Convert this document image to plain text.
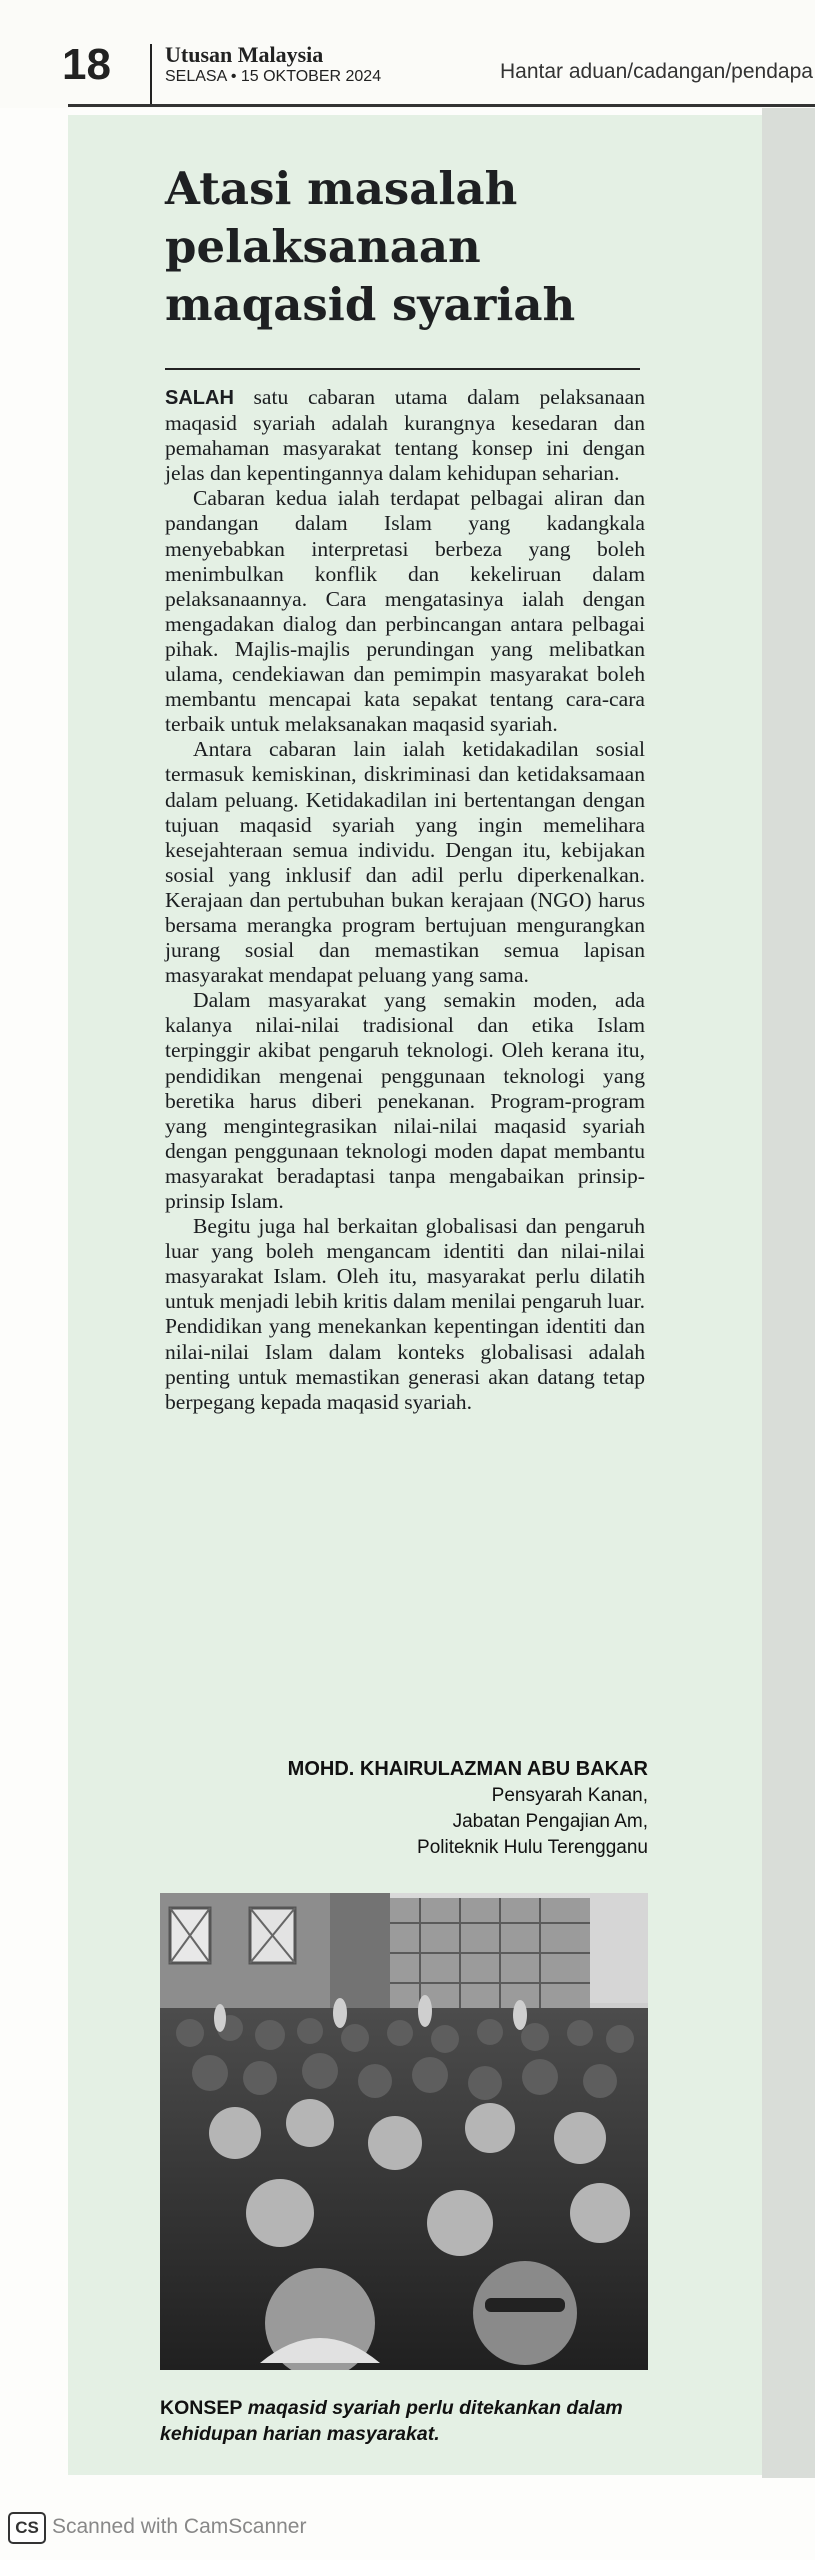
18 Utusan Malaysia
SELASA • 15 OKTOBER 2024	Hantar aduan/cadangan/pendapa
Atasi masalah
pelaksanaan
maqasid syariah

SALAH satu cabaran utama dalam pelaksanaan maqasid syariah adalah kurangnya kesedaran dan pemahaman masyarakat tentang konsep ini dengan jelas dan kepentingannya dalam kehidupan seharian.

Cabaran kedua ialah terdapat pelbagai aliran dan pandangan dalam Islam yang kadangkala menyebabkan interpretasi berbeza yang boleh menimbulkan konflik dan kekeliruan dalam pelaksanaannya. Cara mengatasinya ialah dengan mengadakan dialog dan perbincangan antara pelbagai pihak. Majlis-majlis perundingan yang melibatkan ulama, cendekiawan dan pemimpin masyarakat boleh membantu mencapai kata sepakat tentang cara-cara terbaik untuk melaksanakan maqasid syariah.

Antara cabaran lain ialah ketidakadilan sosial termasuk kemiskinan, diskriminasi dan ketidaksamaan dalam peluang. Ketidakadilan ini bertentangan dengan tujuan maqasid syariah yang ingin memelihara kesejahteraan semua individu. Dengan itu, kebijakan sosial yang inklusif dan adil perlu diperkenalkan. Kerajaan dan pertubuhan bukan kerajaan (NGO) harus bersama merangka program bertujuan mengurangkan jurang sosial dan memastikan semua lapisan masyarakat mendapat peluang yang sama.

Dalam masyarakat yang semakin moden, ada kalanya nilai-nilai tradisional dan etika Islam terpinggir akibat pengaruh teknologi. Oleh kerana itu, pendidikan mengenai penggunaan teknologi yang beretika harus diberi penekanan. Program-program yang mengintegrasikan nilai-nilai maqasid syariah dengan penggunaan teknologi moden dapat membantu masyarakat beradaptasi tanpa mengabaikan prinsip-prinsip Islam.

Begitu juga hal berkaitan globalisasi dan pengaruh luar yang boleh mengancam identiti dan nilai-nilai masyarakat Islam. Oleh itu, masyarakat perlu dilatih untuk menjadi lebih kritis dalam menilai pengaruh luar. Pendidikan yang menekankan kepentingan identiti dan nilai-nilai Islam dalam konteks globalisasi adalah penting untuk memastikan generasi akan datang tetap berpegang kepada maqasid syariah.

MOHD. KHAIRULAZMAN ABU BAKAR
Pensyarah Kanan,
Jabatan Pengajian Am,
Politeknik Hulu Terengganu
KONSEP maqasid syariah perlu ditekankan dalam kehidupan harian masyarakat.
CS Scanned with CamScanner
